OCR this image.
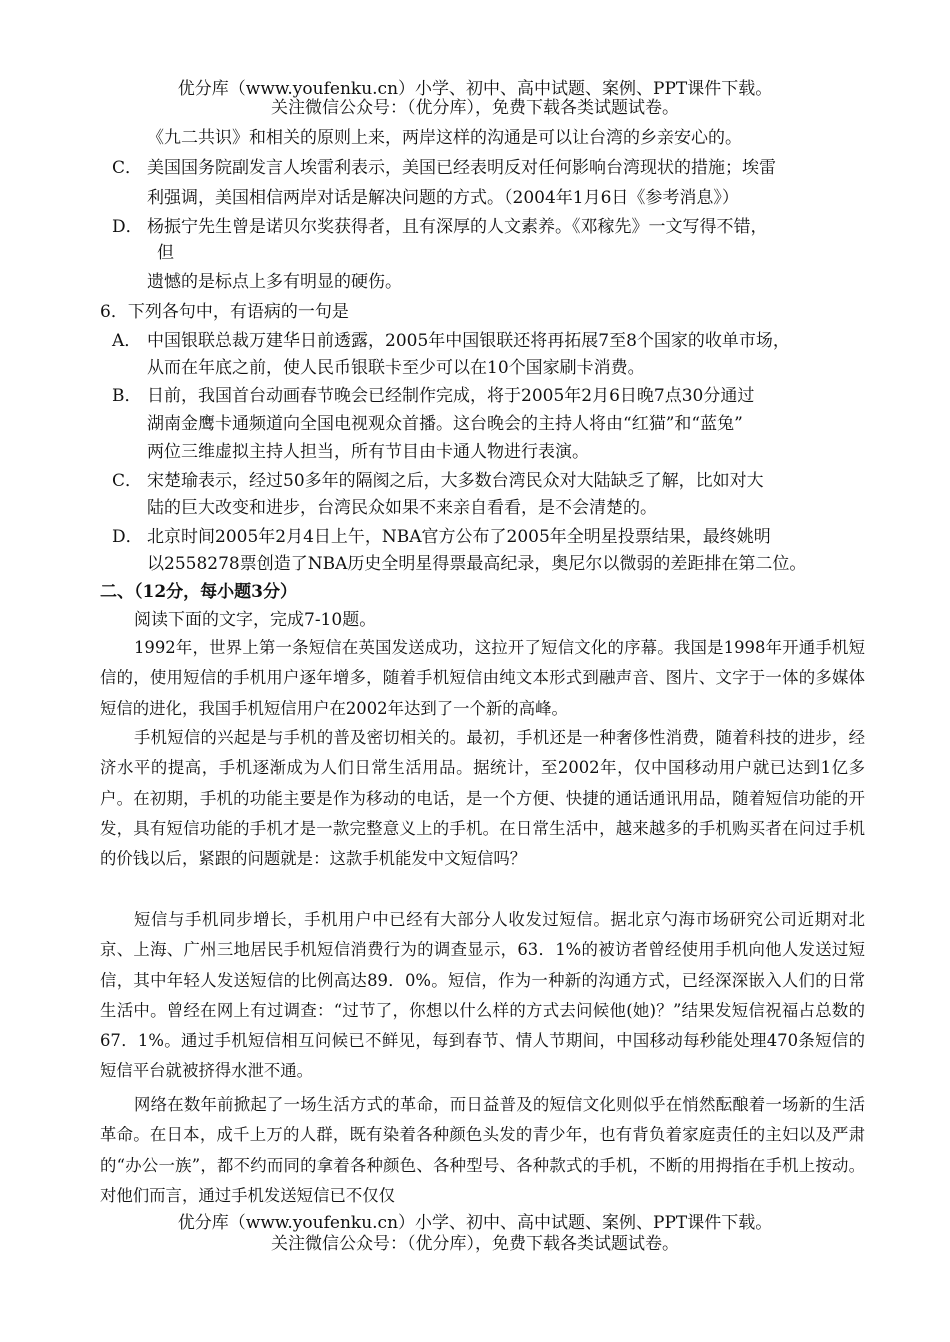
优分库（www.youfenku.cn）小学、初中、高中试题、案例、PPT课件下载。
关注微信公众号：（优分库），免费下载各类试题试卷。
《九二共识》和相关的原则上来，两岸这样的沟通是可以让台湾的乡亲安心的。
C． 美国国务院副发言人埃雷利表示，美国已经表明反对任何影响台湾现状的措施；埃雷
利强调，美国相信两岸对话是解决问题的方式。（2004年1月6日《参考消息》）
D． 杨振宁先生曾是诺贝尔奖获得者，且有深厚的人文素养。《邓稼先》一文写得不错，
但
遗憾的是标点上多有明显的硬伤。
6．下列各句中，有语病的一句是
A． 中国银联总裁万建华日前透露，2005年中国银联还将再拓展7至8个国家的收单市场，
从而在年底之前，使人民币银联卡至少可以在10个国家刷卡消费。
B． 日前，我国首台动画春节晚会已经制作完成，将于2005年2月6日晚7点30分通过
湖南金鹰卡通频道向全国电视观众首播。这台晚会的主持人将由“红猫”和“蓝兔”
两位三维虚拟主持人担当，所有节目由卡通人物进行表演。
C． 宋楚瑜表示，经过50多年的隔阂之后，大多数台湾民众对大陆缺乏了解，比如对大
陆的巨大改变和进步，台湾民众如果不来亲自看看，是不会清楚的。
D． 北京时间2005年2月4日上午，NBA官方公布了2005年全明星投票结果，最终姚明
以2558278票创造了NBA历史全明星得票最高纪录，奥尼尔以微弱的差距排在第二位。
二、（12分，每小题3分）
阅读下面的文字，完成7-10题。
1992年，世界上第一条短信在英国发送成功，这拉开了短信文化的序幕。我国是1998年开通手机短信的，使用短信的手机用户逐年增多，随着手机短信由纯文本形式到融声音、图片、文字于一体的多媒体短信的进化，我国手机短信用户在2002年达到了一个新的高峰。
手机短信的兴起是与手机的普及密切相关的。最初，手机还是一种奢侈性消费，随着科技的进步，经济水平的提高，手机逐渐成为人们日常生活用品。据统计，至2002年，仅中国移动用户就已达到1亿多户。在初期，手机的功能主要是作为移动的电话，是一个方便、快捷的通话通讯用品，随着短信功能的开发，具有短信功能的手机才是一款完整意义上的手机。在日常生活中，越来越多的手机购买者在问过手机的价钱以后，紧跟的问题就是：这款手机能发中文短信吗？
短信与手机同步增长，手机用户中已经有大部分人收发过短信。据北京勺海市场研究公司近期对北京、上海、广州三地居民手机短信消费行为的调查显示，63．1%的被访者曾经使用手机向他人发送过短信，其中年轻人发送短信的比例高达89．0%。短信，作为一种新的沟通方式，已经深深嵌入人们的日常生活中。曾经在网上有过调查：“过节了，你想以什么样的方式去问候他(她)？”结果发短信祝福占总数的67．1%。通过手机短信相互问候已不鲜见，每到春节、情人节期间，中国移动每秒能处理470条短信的短信平台就被挤得水泄不通。
网络在数年前掀起了一场生活方式的革命，而日益普及的短信文化则似乎在悄然酝酿着一场新的生活革命。在日本，成千上万的人群，既有染着各种颜色头发的青少年，也有背负着家庭责任的主妇以及严肃的“办公一族”，都不约而同的拿着各种颜色、各种型号、各种款式的手机，不断的用拇指在手机上按动。对他们而言，通过手机发送短信已不仅仅
优分库（www.youfenku.cn）小学、初中、高中试题、案例、PPT课件下载。
关注微信公众号：（优分库），免费下载各类试题试卷。
